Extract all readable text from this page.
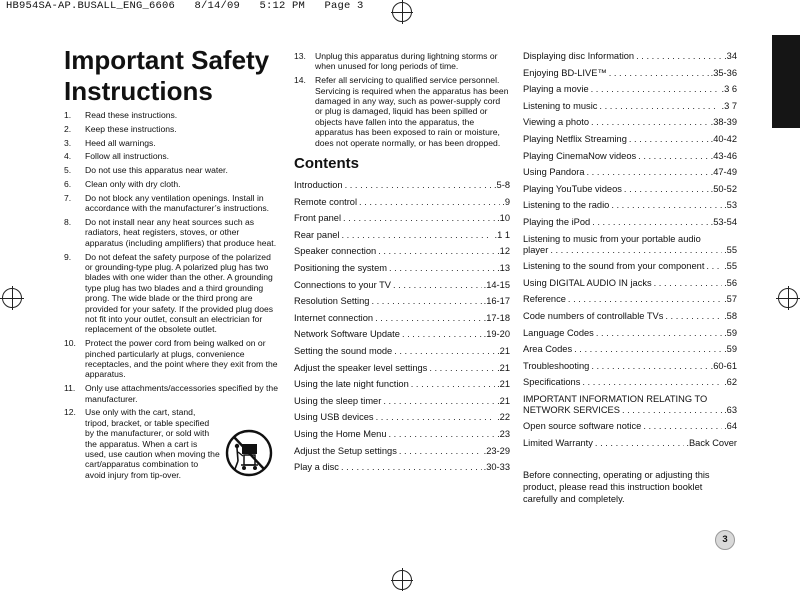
HB954SA-AP.BUSALL_ENG_6606   8/14/09   5:12 PM   Page 3
Important Safety
Instructions
1. Read these instructions.
2. Keep these instructions.
3. Heed all warnings.
4. Follow all instructions.
5. Do not use this apparatus near water.
6. Clean only with dry cloth.
7. Do not block any ventilation openings. Install in accordance with the manufacturer’s instructions.
8. Do not install near any heat sources such as radiators, heat registers, stoves, or other apparatus (including amplifiers) that produce heat.
9. Do not defeat the safety purpose of the polarized or grounding-type plug. A polarized plug has two blades with one wider than the other. A grounding type plug has two blades and a third grounding prong. The wide blade or the third prong are provided for your safety. If the provided plug does not fit into your outlet, consult an electrician for replacement of the obsolete outlet.
10. Protect the power cord from being walked on or pinched particularly at plugs, convenience receptacles, and the point where they exit from the apparatus.
11. Only use attachments/accessories specified by the manufacturer.
12. Use only with the cart, stand, tripod, bracket, or table specified by the manufacturer, or sold with the apparatus. When a cart is used, use caution when moving the cart/apparatus combination to avoid injury from tip-over.
13. Unplug this apparatus during lightning storms or when unused for long periods of time.
14. Refer all servicing to qualified service personnel. Servicing is required when the apparatus has been damaged in any way, such as power-supply cord or plug is damaged, liquid has been spilled or objects have fallen into the apparatus, the apparatus has been exposed to rain or moisture, does not operate normally, or has been dropped.
Contents
Introduction . . .	.5-8
Remote control . . .	.9
Front panel . . .	.10
Rear panel . . .	.1 1
Speaker connection . . .	.12
Positioning the system . . .	.13
Connections to your TV . . .	.14-15
Resolution Setting . . .	.16-17
Internet connection . . .	.17-18
Network Software Update . . .	.19-20
Setting the sound mode . . .	.21
Adjust the speaker level settings . . .	.21
Using the late night function . . .	.21
Using the sleep timer . . .	.21
Using USB devices . . .	.22
Using the Home Menu . . .	.23
Adjust the Setup settings . . .	.23-29
Play a disc . . .	.30-33
Displaying disc Information . . .	.34
Enjoying BD-LIVE™ . . .	.35-36
Playing a movie . . .	.3 6
Listening to music . . .	.3 7
Viewing a photo . . .	.38-39
Playing Netflix Streaming . . .	.40-42
Playing CinemaNow videos . . .	.43-46
Using Pandora . . .	.47-49
Playing YouTube videos . . .	.50-52
Listening to the radio . . .	.53
Playing the iPod . . .	.53-54
Listening to music from your portable audio
player . . .	.55
Listening to the sound from your component . . . .55
Using DIGITAL AUDIO IN jacks . . .	.56
Reference . . .	.57
Code numbers of controllable TVs . . .	.58
Language Codes . . .	.59
Area Codes . . .	.59
Troubleshooting . . .	.60-61
Specifications . . .	.62
IMPORTANT INFORMATION RELATING TO
NETWORK SERVICES . . .	.63
Open source software notice . . .	.64
Limited Warranty . . .	.Back Cover
Before connecting, operating or adjusting this product, please read this instruction booklet carefully and completely.
3
